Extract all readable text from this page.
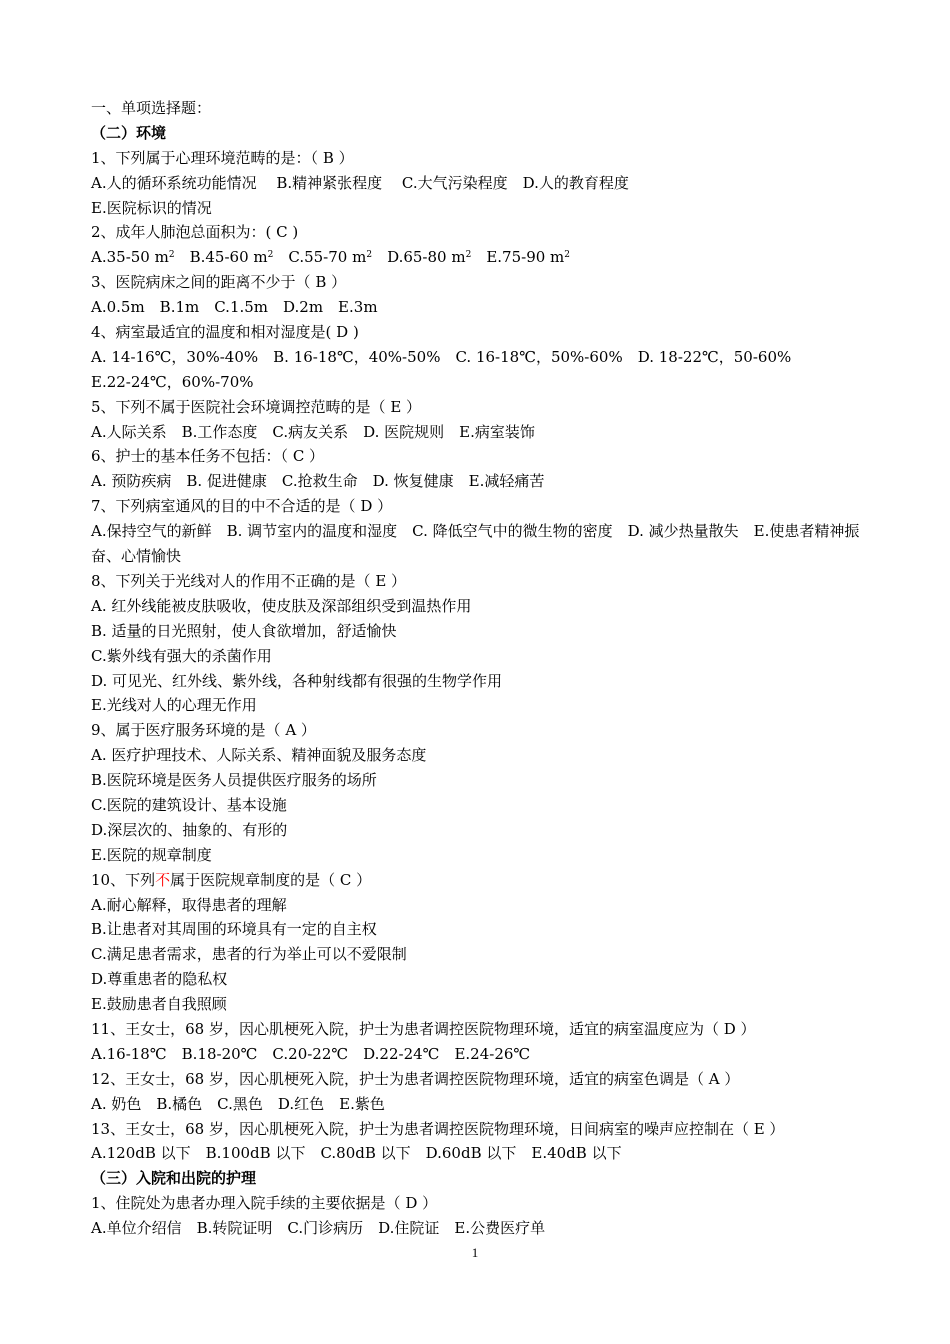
一、单项选择题：
（二）环境
1、下列属于心理环境范畴的是：（ B ）
A.人的循环系统功能情况　 B.精神紧张程度　 C.大气污染程度　D.人的教育程度
E.医院标识的情况
2、成年人肺泡总面积为：( C )
A.35-50 $m^2$　 B.45-60 $m^2$　 C.55-70 $m^2$　 D.65-80 $m^2$　 E.75-90 $m^2$
3、医院病床之间的距离不少于（ B ）
A.0.5m　B.1m　C.1.5m　D.2m　E.3m
4、病室最适宜的温度和相对湿度是( D )
A. 14-16℃，30%-40%　B. 16-18℃，40%-50%　C. 16-18℃，50%-60%　D. 18-22℃，50-60%
E.22-24℃，60%-70%
5、下列不属于医院社会环境调控范畴的是（ E ）
A.人际关系　B.工作态度　C.病友关系　D. 医院规则　E.病室装饰
6、护士的基本任务不包括：（ C ）
A. 预防疾病　B. 促进健康　C.抢救生命　D. 恢复健康　E.减轻痛苦
7、下列病室通风的目的中不合适的是（ D ）
A.保持空气的新鲜　B. 调节室内的温度和湿度　C. 降低空气中的微生物的密度　D. 减少热量散失　E.使患者精神振奋、心情愉快
8、下列关于光线对人的作用不正确的是（ E ）
A. 红外线能被皮肤吸收，使皮肤及深部组织受到温热作用
B. 适量的日光照射，使人食欲增加，舒适愉快
C.紫外线有强大的杀菌作用
D. 可见光、红外线、紫外线，各种射线都有很强的生物学作用
E.光线对人的心理无作用
9、属于医疗服务环境的是（ A ）
A. 医疗护理技术、人际关系、精神面貌及服务态度
B.医院环境是医务人员提供医疗服务的场所
C.医院的建筑设计、基本设施
D.深层次的、抽象的、有形的
E.医院的规章制度
10、下列不属于医院规章制度的是（ C ）
A.耐心解释，取得患者的理解
B.让患者对其周围的环境具有一定的自主权
C.满足患者需求，患者的行为举止可以不爱限制
D.尊重患者的隐私权
E.鼓励患者自我照顾
11、王女士，68 岁，因心肌梗死入院，护士为患者调控医院物理环境，适宜的病室温度应为（ D ）
A.16-18℃　B.18-20℃　C.20-22℃　D.22-24℃　E.24-26℃
12、王女士，68 岁，因心肌梗死入院，护士为患者调控医院物理环境，适宜的病室色调是（ A ）
A. 奶色　B.橘色　C.黑色　D.红色　E.紫色
13、王女士，68 岁，因心肌梗死入院，护士为患者调控医院物理环境，日间病室的噪声应控制在（ E ）
A.120dB 以下　B.100dB 以下　C.80dB 以下　D.60dB 以下　E.40dB 以下
（三）入院和出院的护理
1、住院处为患者办理入院手续的主要依据是（ D ）
A.单位介绍信　B.转院证明　C.门诊病历　D.住院证　E.公费医疗单
1
